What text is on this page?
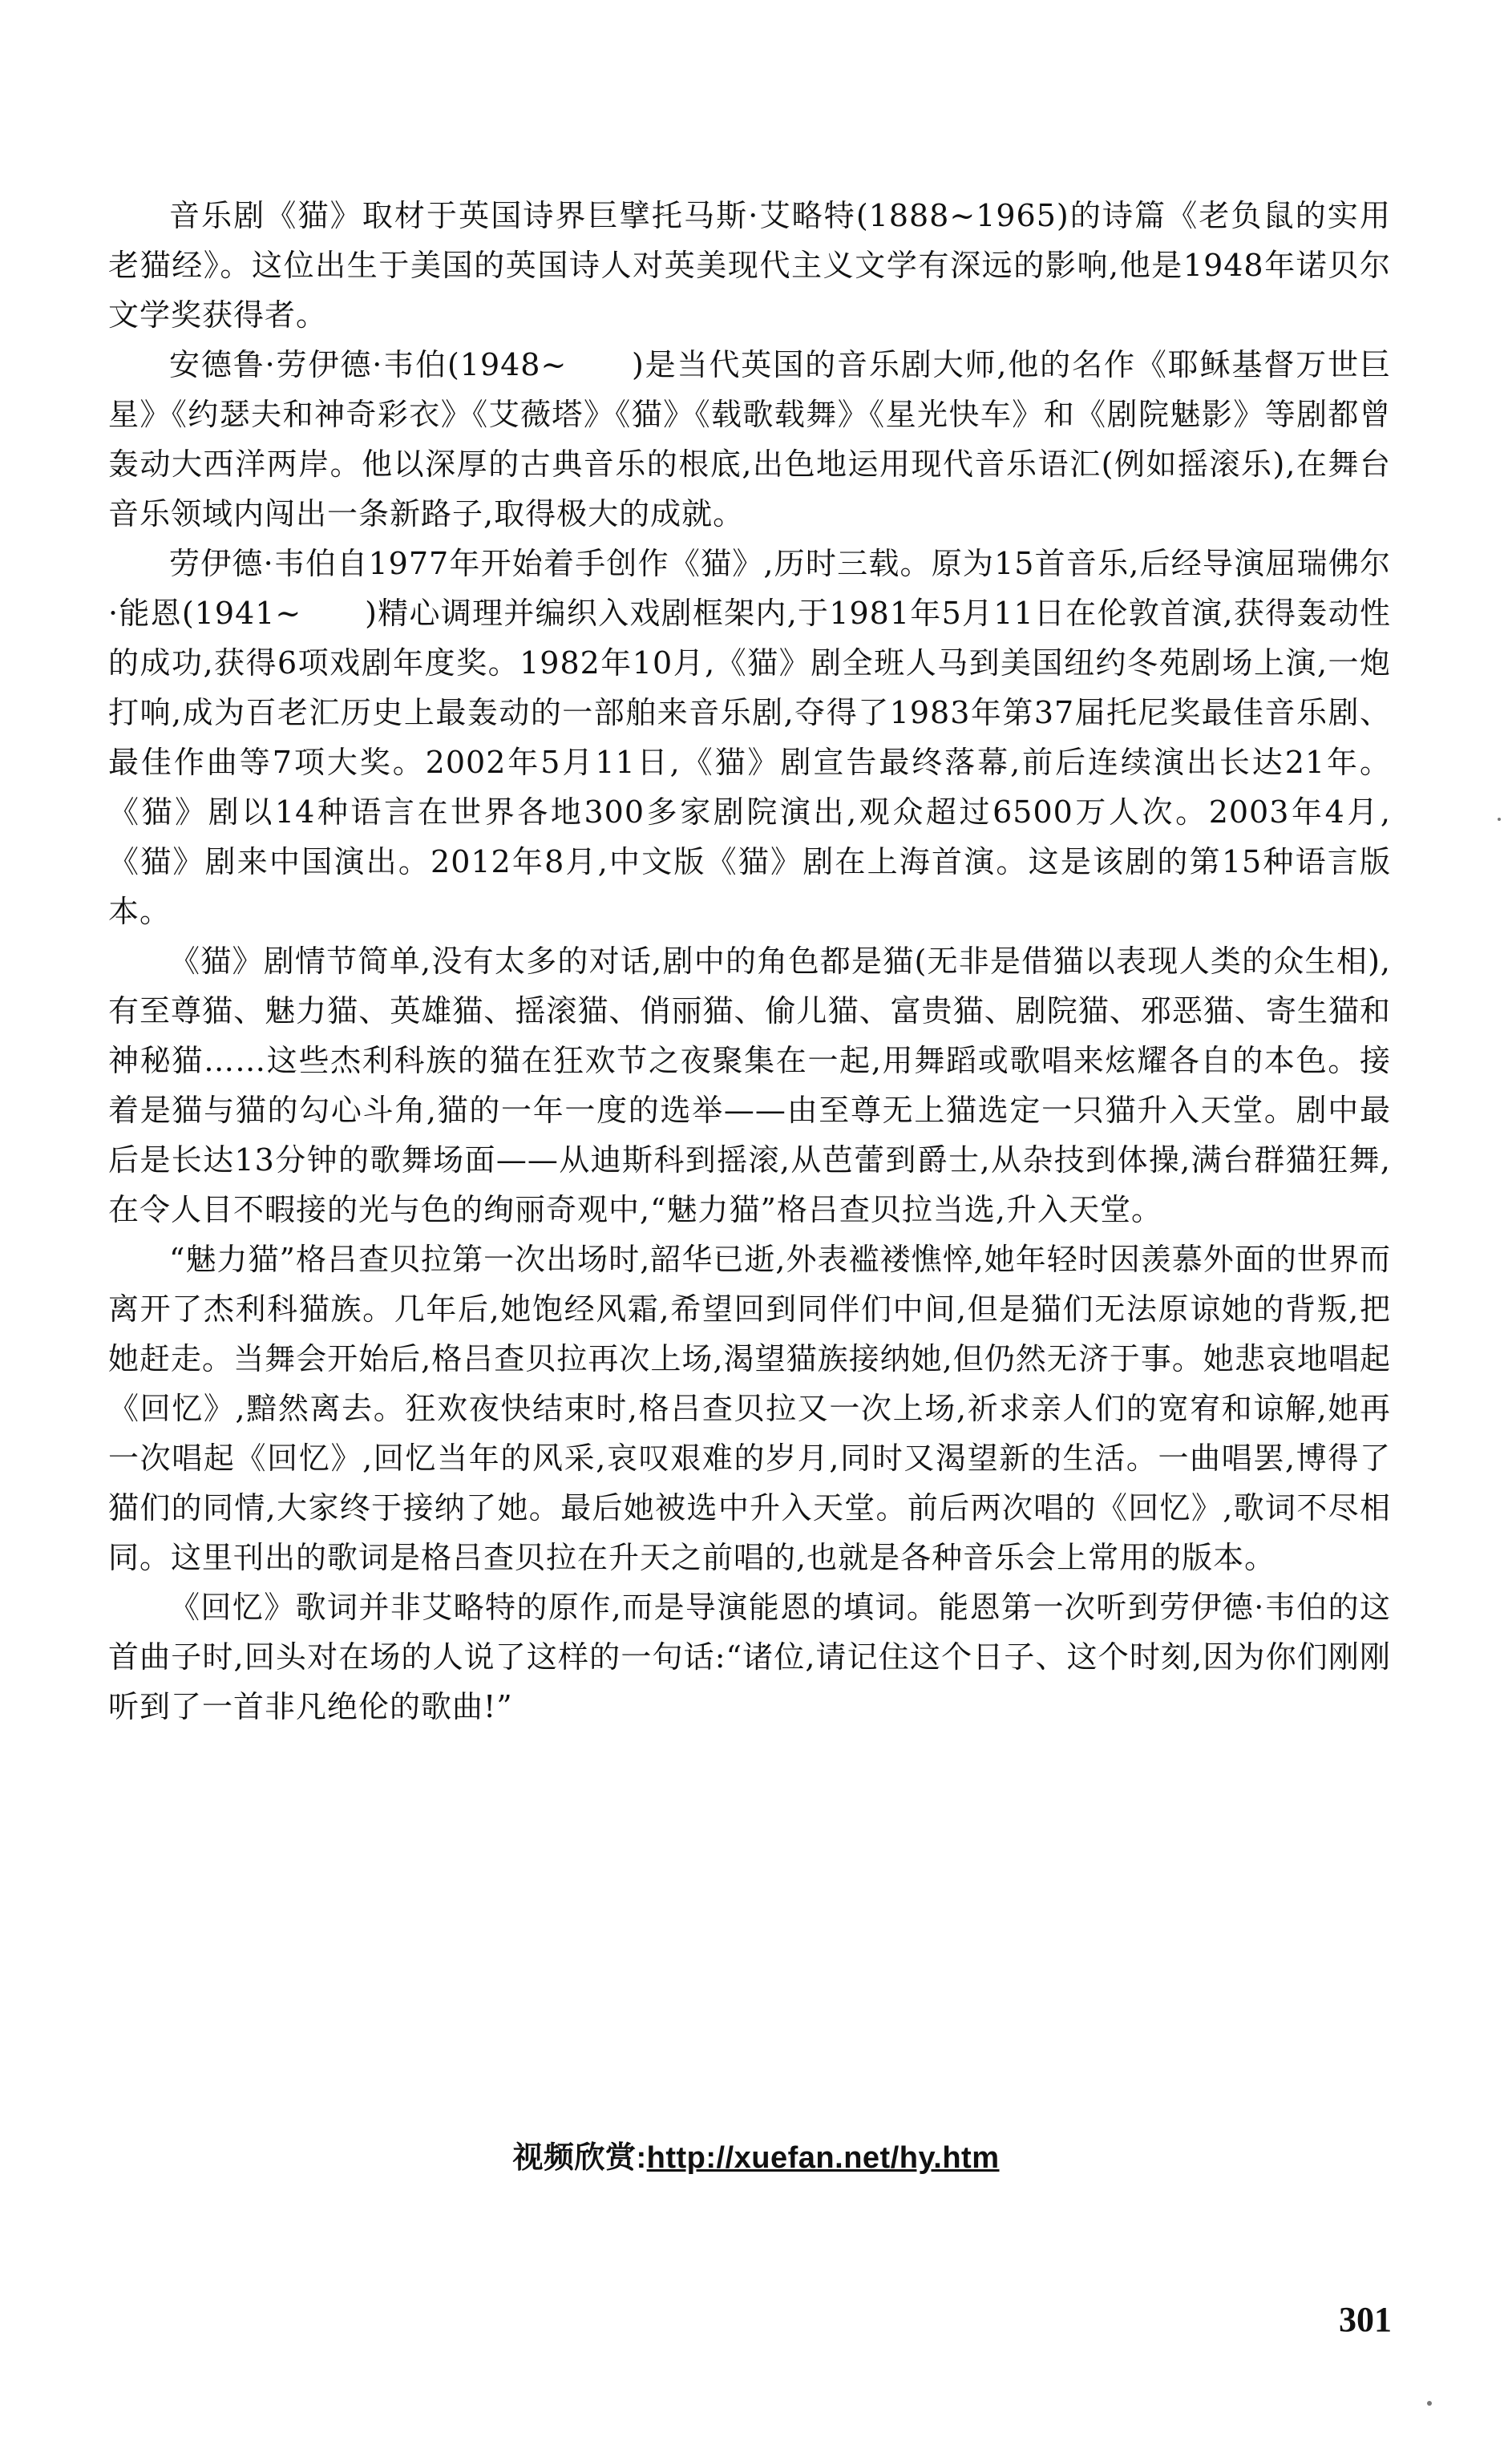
音乐剧《猫》取材于英国诗界巨擘托马斯·艾略特(1888~1965)的诗篇《老负鼠的实用老猫经》。这位出生于美国的英国诗人对英美现代主义文学有深远的影响,他是1948年诺贝尔文学奖获得者。

安德鲁·劳伊德·韦伯(1948~　　)是当代英国的音乐剧大师,他的名作《耶稣基督万世巨星》《约瑟夫和神奇彩衣》《艾薇塔》《猫》《载歌载舞》《星光快车》和《剧院魅影》等剧都曾轰动大西洋两岸。他以深厚的古典音乐的根底,出色地运用现代音乐语汇(例如摇滚乐),在舞台音乐领域内闯出一条新路子,取得极大的成就。

劳伊德·韦伯自1977年开始着手创作《猫》,历时三载。原为15首音乐,后经导演屈瑞佛尔·能恩(1941~　　)精心调理并编织入戏剧框架内,于1981年5月11日在伦敦首演,获得轰动性的成功,获得6项戏剧年度奖。1982年10月,《猫》剧全班人马到美国纽约冬苑剧场上演,一炮打响,成为百老汇历史上最轰动的一部舶来音乐剧,夺得了1983年第37届托尼奖最佳音乐剧、最佳作曲等7项大奖。2002年5月11日,《猫》剧宣告最终落幕,前后连续演出长达21年。《猫》剧以14种语言在世界各地300多家剧院演出,观众超过6500万人次。2003年4月,《猫》剧来中国演出。2012年8月,中文版《猫》剧在上海首演。这是该剧的第15种语言版本。

《猫》剧情节简单,没有太多的对话,剧中的角色都是猫(无非是借猫以表现人类的众生相),有至尊猫、魅力猫、英雄猫、摇滚猫、俏丽猫、偷儿猫、富贵猫、剧院猫、邪恶猫、寄生猫和神秘猫……这些杰利科族的猫在狂欢节之夜聚集在一起,用舞蹈或歌唱来炫耀各自的本色。接着是猫与猫的勾心斗角,猫的一年一度的选举——由至尊无上猫选定一只猫升入天堂。剧中最后是长达13分钟的歌舞场面——从迪斯科到摇滚,从芭蕾到爵士,从杂技到体操,满台群猫狂舞,在令人目不暇接的光与色的绚丽奇观中,“魅力猫”格吕查贝拉当选,升入天堂。

“魅力猫”格吕查贝拉第一次出场时,韶华已逝,外表褴褛憔悴,她年轻时因羡慕外面的世界而离开了杰利科猫族。几年后,她饱经风霜,希望回到同伴们中间,但是猫们无法原谅她的背叛,把她赶走。当舞会开始后,格吕查贝拉再次上场,渴望猫族接纳她,但仍然无济于事。她悲哀地唱起《回忆》,黯然离去。狂欢夜快结束时,格吕查贝拉又一次上场,祈求亲人们的宽宥和谅解,她再一次唱起《回忆》,回忆当年的风采,哀叹艰难的岁月,同时又渴望新的生活。一曲唱罢,博得了猫们的同情,大家终于接纳了她。最后她被选中升入天堂。前后两次唱的《回忆》,歌词不尽相同。这里刊出的歌词是格吕查贝拉在升天之前唱的,也就是各种音乐会上常用的版本。

《回忆》歌词并非艾略特的原作,而是导演能恩的填词。能恩第一次听到劳伊德·韦伯的这首曲子时,回头对在场的人说了这样的一句话:“诸位,请记住这个日子、这个时刻,因为你们刚刚听到了一首非凡绝伦的歌曲!”

视频欣赏:http://xuefan.net/hy.htm
301
